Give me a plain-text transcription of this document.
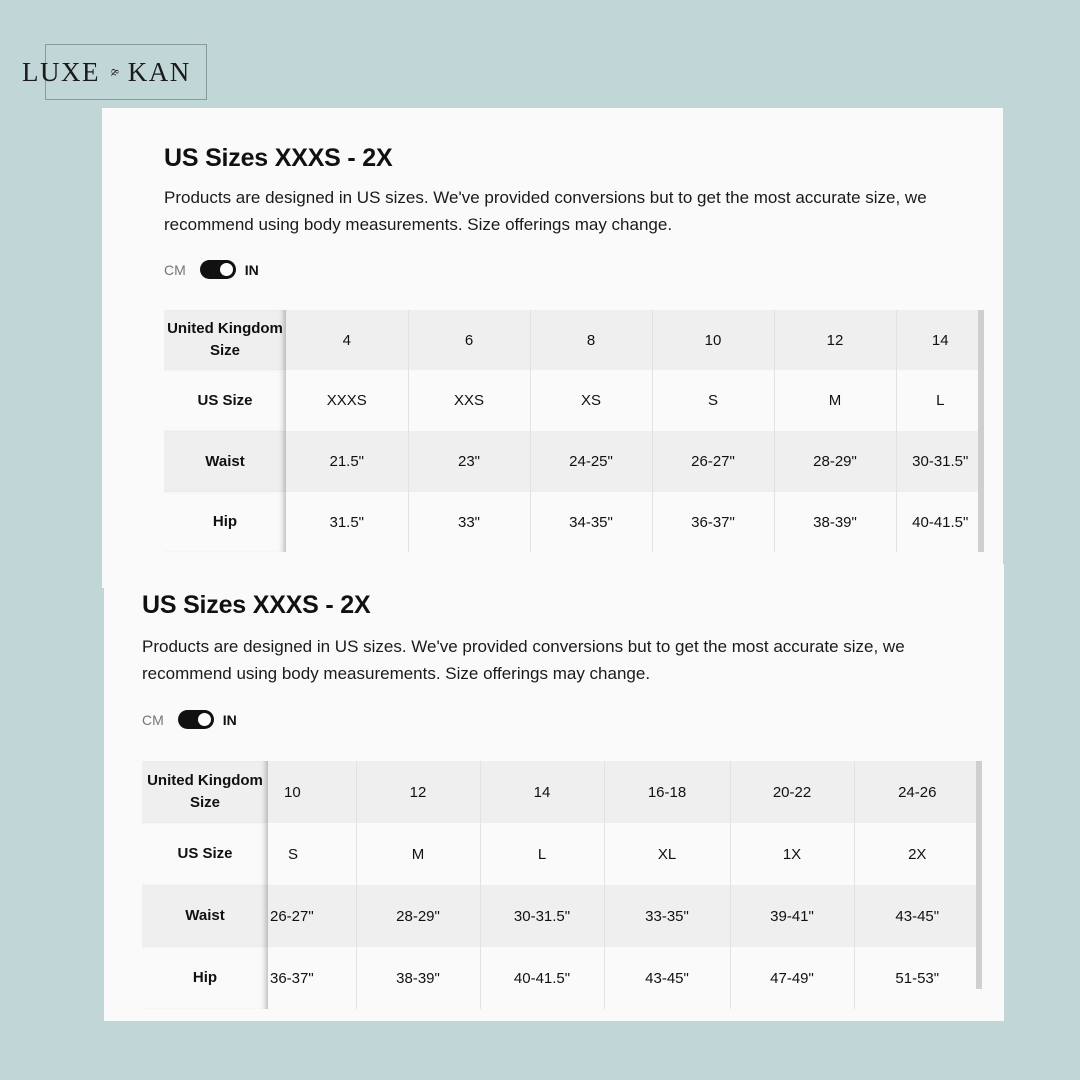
LUXE & KAN
US Sizes XXXS - 2X

Products are designed in US sizes. We've provided conversions but to get the most accurate size, we recommend using body measurements. Size offerings may change.

CM	IN
United Kingdom Size	4	6	8	10	12	14
US Size	XXXS	XXS	XS	S	M	L
Waist	21.5"	23"	24-25"	26-27"	28-29"	30-31.5"
Hip	31.5"	33"	34-35"	36-37"	38-39"	40-41.5"
US Sizes XXXS - 2X

Products are designed in US sizes. We've provided conversions but to get the most accurate size, we recommend using body measurements. Size offerings may change.

CM	IN
United Kingdom Size	10	12	14	16-18	20-22	24-26
US Size	S	M	L	XL	1X	2X
Waist	26-27"	28-29"	30-31.5"	33-35"	39-41"	43-45"
Hip	36-37"	38-39"	40-41.5"	43-45"	47-49"	51-53"
